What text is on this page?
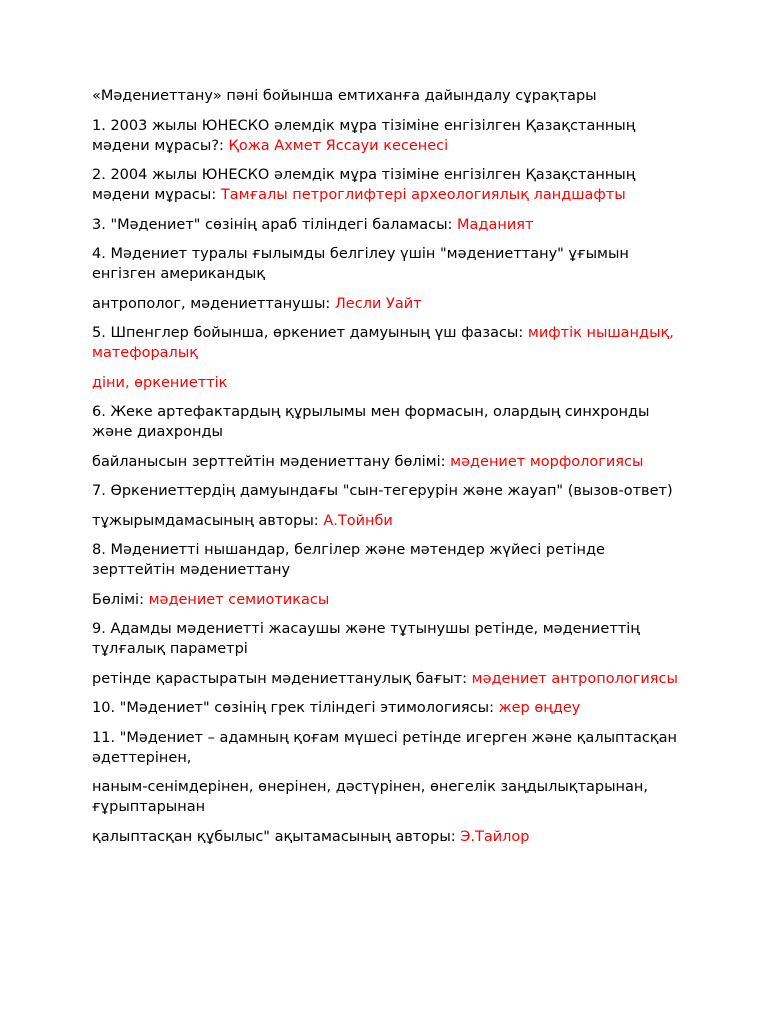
«Мәдениеттану» пәні бойынша емтиханға дайындалу сұрақтары

1. 2003 жылы ЮНЕСКО әлемдік мұра тізіміне енгізілген Қазақстанның мәдени мұрасы?: Қожа Ахмет Яссауи кесенесі

2. 2004 жылы ЮНЕСКО әлемдік мұра тізіміне енгізілген Қазақстанның мәдени мұрасы: Тамғалы петроглифтері археологиялық ландшафты

3. "Мәдениет" сөзінің араб тіліндегі баламасы: Маданият

4. Мәдениет туралы ғылымды белгілеу үшін "мәдениеттану" ұғымын енгізген американдық

антрополог, мәдениеттанушы: Лесли Уайт

5. Шпенглер бойынша, өркениет дамуының үш фазасы: мифтік нышандық, матефоралық

діни, өркениеттік

6. Жеке артефактардың құрылымы мен формасын, олардың синхронды және диахронды

байланысын зерттейтін мәдениеттану бөлімі: мәдениет морфологиясы

7. Өркениеттердің дамуындағы "сын-тегерурін және жауап" (вызов-ответ)

тұжырымдамасының авторы: А.Тойнби

8. Мәдениетті нышандар, белгілер және мәтендер жүйесі ретінде зерттейтін мәдениеттану

Бөлімі: мәдениет семиотикасы

9. Адамды мәдениетті жасаушы және тұтынушы ретінде, мәдениеттің тұлғалық параметрі

ретінде қарастыратын мәдениеттанулық бағыт: мәдениет антропологиясы

10. "Мәдениет" сөзінің грек тіліндегі этимологиясы: жер өңдеу

11. "Мәдениет – адамның қоғам мүшесі ретінде игерген және қалыптасқан әдеттерінен,

наным-сенімдерінен, өнерінен, дәстүрінен, өнегелік заңдылықтарынан, ғұрыптарынан

қалыптасқан құбылыс" ақытамасының авторы: Э.Тайлор
